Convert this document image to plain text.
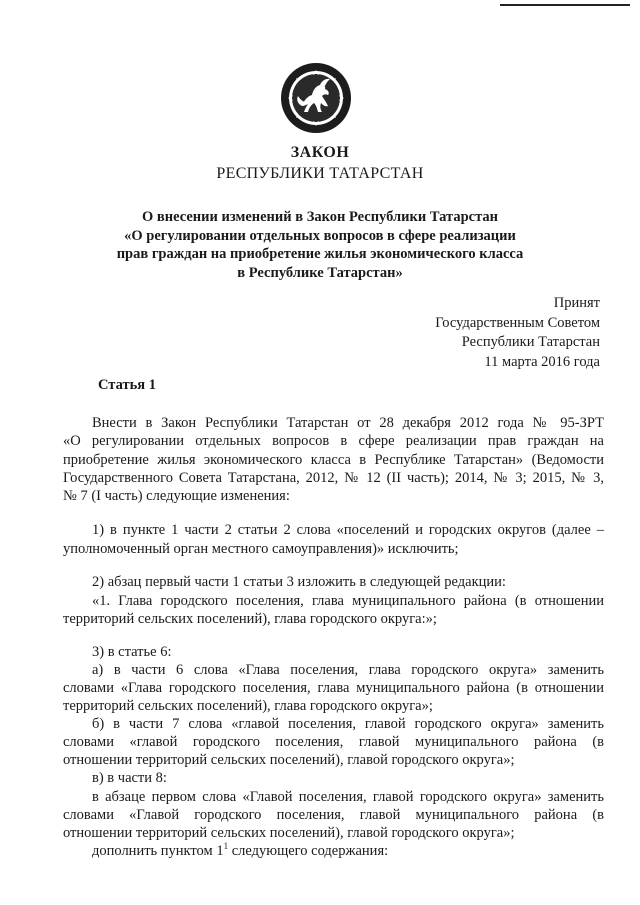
ЗАКОН
РЕСПУБЛИКИ ТАТАРСТАН
О внесении изменений в Закон Республики Татарстан
«О регулировании отдельных вопросов в сфере реализации
прав граждан на приобретение жилья экономического класса
в Республике Татарстан»
Принят
Государственным Советом
Республики Татарстан
11 марта 2016 года
Статья 1
Внести в Закон Республики Татарстан от 28 декабря 2012 года № 95-ЗРТ
«О регулировании отдельных вопросов в сфере реализации прав граждан на
приобретение жилья экономического класса в Республике Татарстан» (Ведомости
Государственного Совета Татарстана, 2012, № 12 (II часть); 2014, № 3; 2015, № 3,
№ 7 (I часть) следующие изменения:
1) в пункте 1 части 2 статьи 2 слова «поселений и городских округов (далее –
уполномоченный орган местного самоуправления)» исключить;
2) абзац первый части 1 статьи 3 изложить в следующей редакции:
«1. Глава городского поселения, глава муниципального района (в отношении
территорий сельских поселений), глава городского округа:»;
3) в статье 6:
а) в части 6 слова «Глава поселения, глава городского округа» заменить
словами «Глава городского поселения, глава муниципального района (в отношении
территорий сельских поселений), глава городского округа»;
б) в части 7 слова «главой поселения, главой городского округа» заменить
словами «главой городского поселения, главой муниципального района (в
отношении территорий сельских поселений), главой городского округа»;
в) в части 8:
в абзаце первом слова «Главой поселения, главой городского округа» заменить
словами «Главой городского поселения, главой муниципального района (в
отношении территорий сельских поселений), главой городского округа»;
дополнить пунктом $1^1$ следующего содержания:
